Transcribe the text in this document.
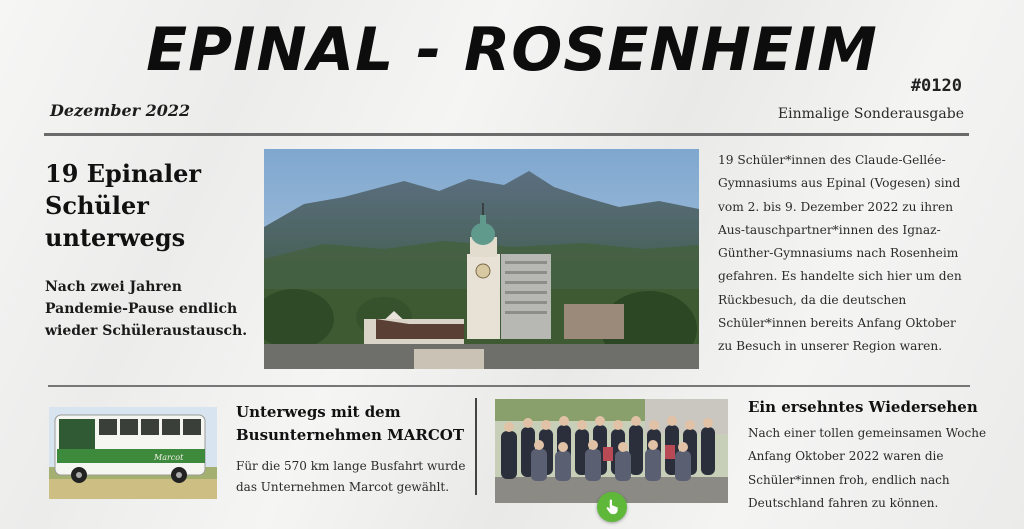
EPINAL - ROSENHEIM
#0120
Dezember 2022	Einmalige Sonderausgabe
19 Epinaler Schüler unterwegs
Nach zwei Jahren Pandemie-Pause endlich wieder Schüleraustausch.
19 Schüler*innen des Claude-Gellée-Gymnasiums aus Epinal (Vogesen) sind vom 2. bis 9. Dezember 2022 zu ihren Aus-tauschpartner*innen des Ignaz-Günther-Gymnasiums nach Rosenheim gefahren. Es handelte sich hier um den Rückbesuch, da die deutschen Schüler*innen bereits Anfang Oktober zu Besuch in unserer Region waren.
Marcot
Unterwegs mit dem Busunternehmen MARCOT
Für die 570 km lange Busfahrt wurde das Unternehmen Marcot gewählt.
Ein ersehntes Wiedersehen
Nach einer tollen gemeinsamen Woche Anfang Oktober 2022 waren die Schüler*innen froh, endlich nach Deutschland fahren zu können.
